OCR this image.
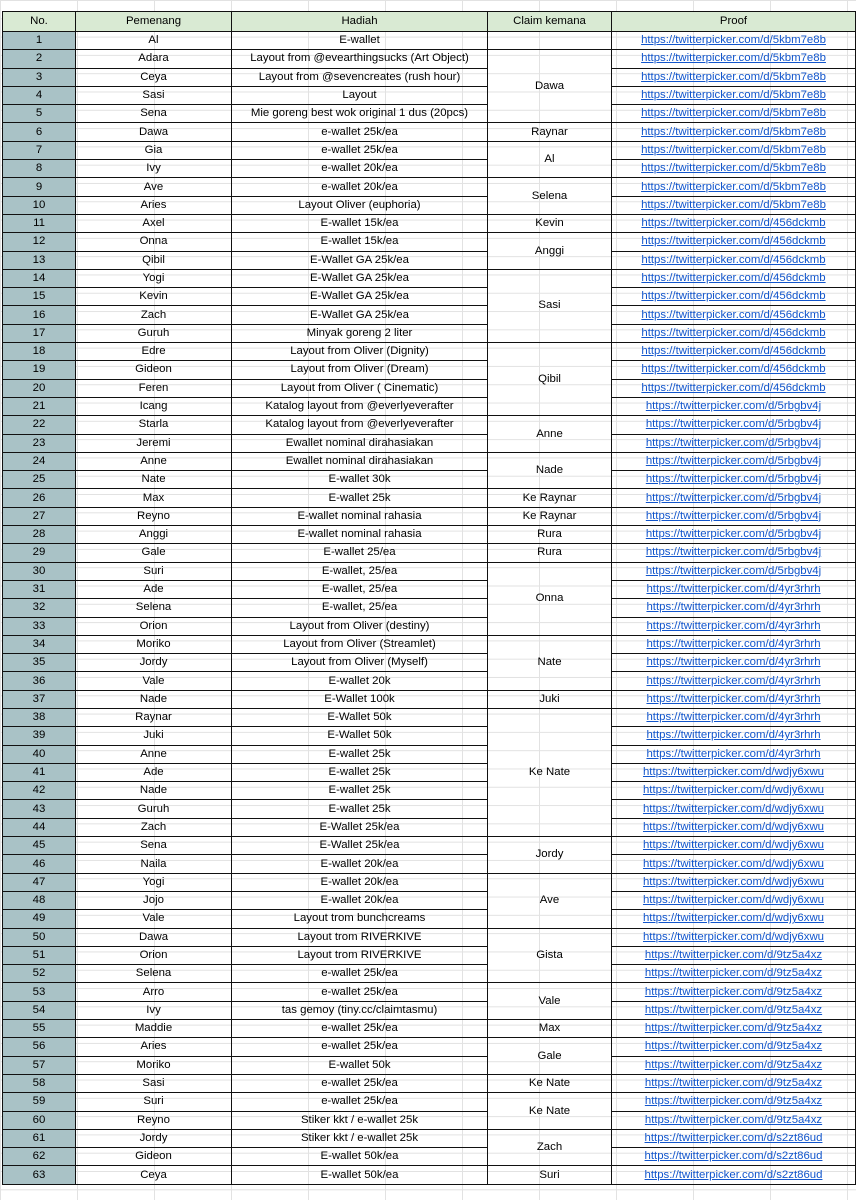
No.	Pemenang	Hadiah	Claim kemana	Proof
1	Al	E-wallet		https://twitterpicker.com/d/5kbm7e8b
2	Adara	Layout from @evearthingsucks (Art Object)	Dawa	https://twitterpicker.com/d/5kbm7e8b
3	Ceya	Layout from @sevencreates (rush hour)		https://twitterpicker.com/d/5kbm7e8b
4	Sasi	Layout		https://twitterpicker.com/d/5kbm7e8b
5	Sena	Mie goreng best wok original 1 dus (20pcs)		https://twitterpicker.com/d/5kbm7e8b
6	Dawa	e-wallet 25k/ea	Raynar	https://twitterpicker.com/d/5kbm7e8b
7	Gia	e-wallet 25k/ea	Al	https://twitterpicker.com/d/5kbm7e8b
8	Ivy	e-wallet 20k/ea		https://twitterpicker.com/d/5kbm7e8b
9	Ave	e-wallet 20k/ea	Selena	https://twitterpicker.com/d/5kbm7e8b
10	Aries	Layout Oliver (euphoria)		https://twitterpicker.com/d/5kbm7e8b
11	Axel	E-wallet 15k/ea	Kevin	https://twitterpicker.com/d/456dckmb
12	Onna	E-wallet 15k/ea	Anggi	https://twitterpicker.com/d/456dckmb
13	Qibil	E-Wallet GA 25k/ea		https://twitterpicker.com/d/456dckmb
14	Yogi	E-Wallet GA 25k/ea	Sasi	https://twitterpicker.com/d/456dckmb
15	Kevin	E-Wallet GA 25k/ea		https://twitterpicker.com/d/456dckmb
16	Zach	E-Wallet GA 25k/ea		https://twitterpicker.com/d/456dckmb
17	Guruh	Minyak goreng 2 liter		https://twitterpicker.com/d/456dckmb
18	Edre	Layout from Oliver (Dignity)	Qibil	https://twitterpicker.com/d/456dckmb
19	Gideon	Layout from Oliver (Dream)		https://twitterpicker.com/d/456dckmb
20	Feren	Layout from Oliver ( Cinematic)		https://twitterpicker.com/d/456dckmb
21	Icang	Katalog layout from @everlyeverafter		https://twitterpicker.com/d/5rbgbv4j
22	Starla	Katalog layout from @everlyeverafter	Anne	https://twitterpicker.com/d/5rbgbv4j
23	Jeremi	Ewallet nominal dirahasiakan		https://twitterpicker.com/d/5rbgbv4j
24	Anne	Ewallet nominal dirahasiakan	Nade	https://twitterpicker.com/d/5rbgbv4j
25	Nate	E-wallet 30k		https://twitterpicker.com/d/5rbgbv4j
26	Max	E-wallet 25k	Ke Raynar	https://twitterpicker.com/d/5rbgbv4j
27	Reyno	E-wallet nominal rahasia	Ke Raynar	https://twitterpicker.com/d/5rbgbv4j
28	Anggi	E-wallet nominal rahasia	Rura	https://twitterpicker.com/d/5rbgbv4j
29	Gale	E-wallet 25/ea	Rura	https://twitterpicker.com/d/5rbgbv4j
30	Suri	E-wallet, 25/ea	Onna	https://twitterpicker.com/d/5rbgbv4j
31	Ade	E-wallet, 25/ea		https://twitterpicker.com/d/4yr3rhrh
32	Selena	E-wallet, 25/ea		https://twitterpicker.com/d/4yr3rhrh
33	Orion	Layout from Oliver (destiny)		https://twitterpicker.com/d/4yr3rhrh
34	Moriko	Layout from Oliver (Streamlet)	Nate	https://twitterpicker.com/d/4yr3rhrh
35	Jordy	Layout from Oliver (Myself)		https://twitterpicker.com/d/4yr3rhrh
36	Vale	E-wallet 20k		https://twitterpicker.com/d/4yr3rhrh
37	Nade	E-Wallet 100k	Juki	https://twitterpicker.com/d/4yr3rhrh
38	Raynar	E-Wallet 50k	Ke Nate	https://twitterpicker.com/d/4yr3rhrh
39	Juki	E-Wallet 50k		https://twitterpicker.com/d/4yr3rhrh
40	Anne	E-wallet 25k		https://twitterpicker.com/d/4yr3rhrh
41	Ade	E-wallet 25k		https://twitterpicker.com/d/wdjy6xwu
42	Nade	E-wallet 25k		https://twitterpicker.com/d/wdjy6xwu
43	Guruh	E-wallet 25k		https://twitterpicker.com/d/wdjy6xwu
44	Zach	E-Wallet 25k/ea		https://twitterpicker.com/d/wdjy6xwu
45	Sena	E-Wallet 25k/ea	Jordy	https://twitterpicker.com/d/wdjy6xwu
46	Naila	E-wallet 20k/ea		https://twitterpicker.com/d/wdjy6xwu
47	Yogi	E-wallet 20k/ea	Ave	https://twitterpicker.com/d/wdjy6xwu
48	Jojo	E-wallet 20k/ea		https://twitterpicker.com/d/wdjy6xwu
49	Vale	Layout trom bunchcreams		https://twitterpicker.com/d/wdjy6xwu
50	Dawa	Layout trom RIVERKIVE	Gista	https://twitterpicker.com/d/wdjy6xwu
51	Orion	Layout trom RIVERKIVE		https://twitterpicker.com/d/9tz5a4xz
52	Selena	e-wallet 25k/ea		https://twitterpicker.com/d/9tz5a4xz
53	Arro	e-wallet 25k/ea	Vale	https://twitterpicker.com/d/9tz5a4xz
54	Ivy	tas gemoy (tiny.cc/claimtasmu)		https://twitterpicker.com/d/9tz5a4xz
55	Maddie	e-wallet 25k/ea	Max	https://twitterpicker.com/d/9tz5a4xz
56	Aries	e-wallet 25k/ea	Gale	https://twitterpicker.com/d/9tz5a4xz
57	Moriko	E-wallet 50k		https://twitterpicker.com/d/9tz5a4xz
58	Sasi	e-wallet 25k/ea	Ke Nate	https://twitterpicker.com/d/9tz5a4xz
59	Suri	e-wallet 25k/ea	Ke Nate	https://twitterpicker.com/d/9tz5a4xz
60	Reyno	Stiker kkt / e-wallet 25k		https://twitterpicker.com/d/9tz5a4xz
61	Jordy	Stiker kkt / e-wallet 25k	Zach	https://twitterpicker.com/d/s2zt86ud
62	Gideon	E-wallet 50k/ea		https://twitterpicker.com/d/s2zt86ud
63	Ceya	E-wallet 50k/ea	Suri	https://twitterpicker.com/d/s2zt86ud
